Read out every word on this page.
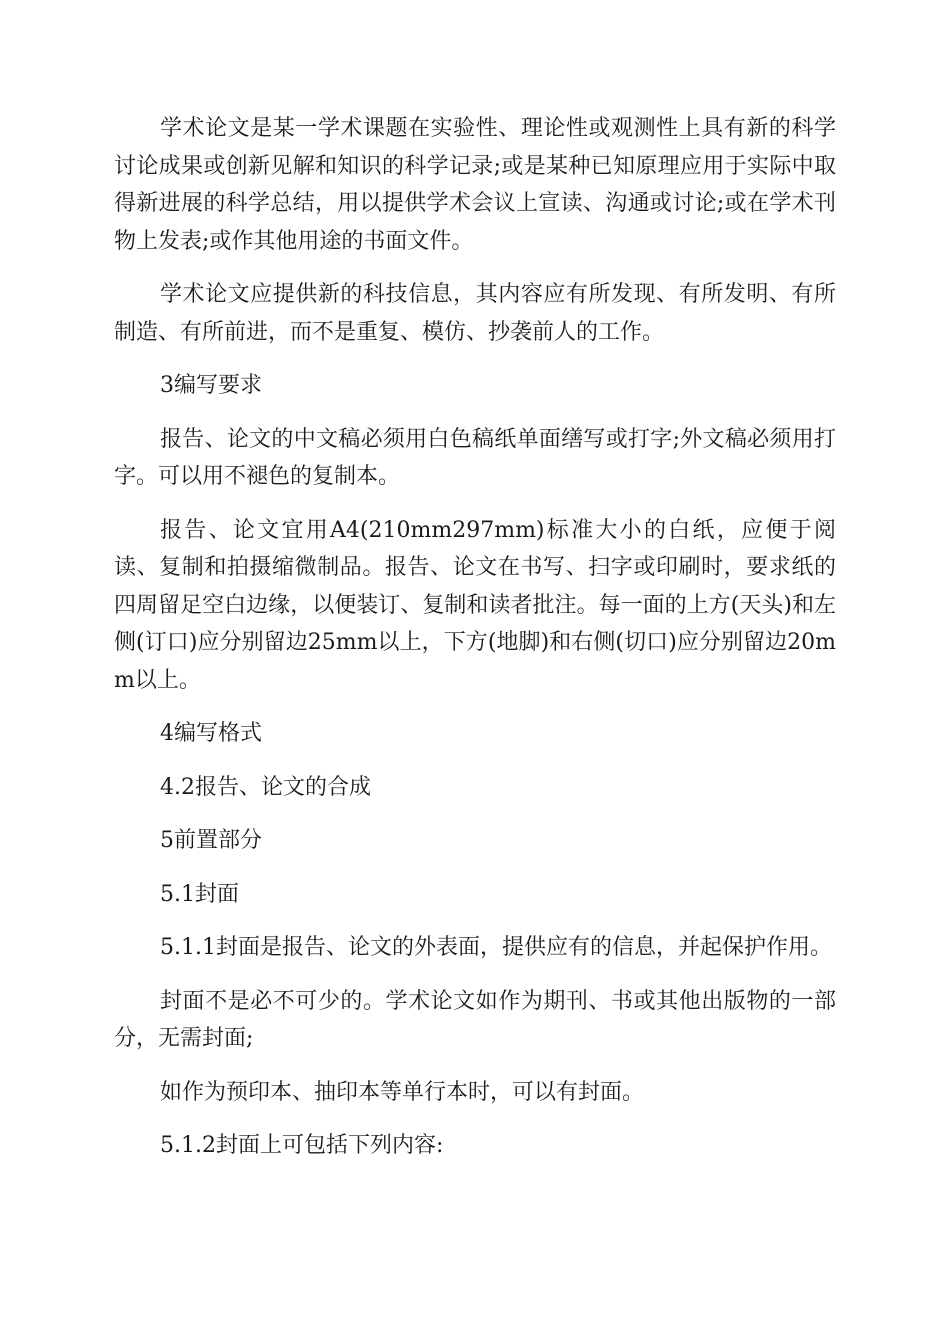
学术论文是某一学术课题在实验性、理论性或观测性上具有新的科学讨论成果或创新见解和知识的科学记录;或是某种已知原理应用于实际中取得新进展的科学总结，用以提供学术会议上宣读、沟通或讨论;或在学术刊物上发表;或作其他用途的书面文件。

学术论文应提供新的科技信息，其内容应有所发现、有所发明、有所制造、有所前进，而不是重复、模仿、抄袭前人的工作。

3编写要求

报告、论文的中文稿必须用白色稿纸单面缮写或打字;外文稿必须用打字。可以用不褪色的复制本。

报告、论文宜用A4(210mm297mm)标准大小的白纸，应便于阅读、复制和拍摄缩微制品。报告、论文在书写、扫字或印刷时，要求纸的四周留足空白边缘，以便装订、复制和读者批注。每一面的上方(天头)和左侧(订口)应分别留边25mm以上，下方(地脚)和右侧(切口)应分别留边20mm以上。

4编写格式

4.2报告、论文的合成

5前置部分

5.1封面

5.1.1封面是报告、论文的外表面，提供应有的信息，并起保护作用。

封面不是必不可少的。学术论文如作为期刊、书或其他出版物的一部分，无需封面;

如作为预印本、抽印本等单行本时，可以有封面。

5.1.2封面上可包括下列内容:
